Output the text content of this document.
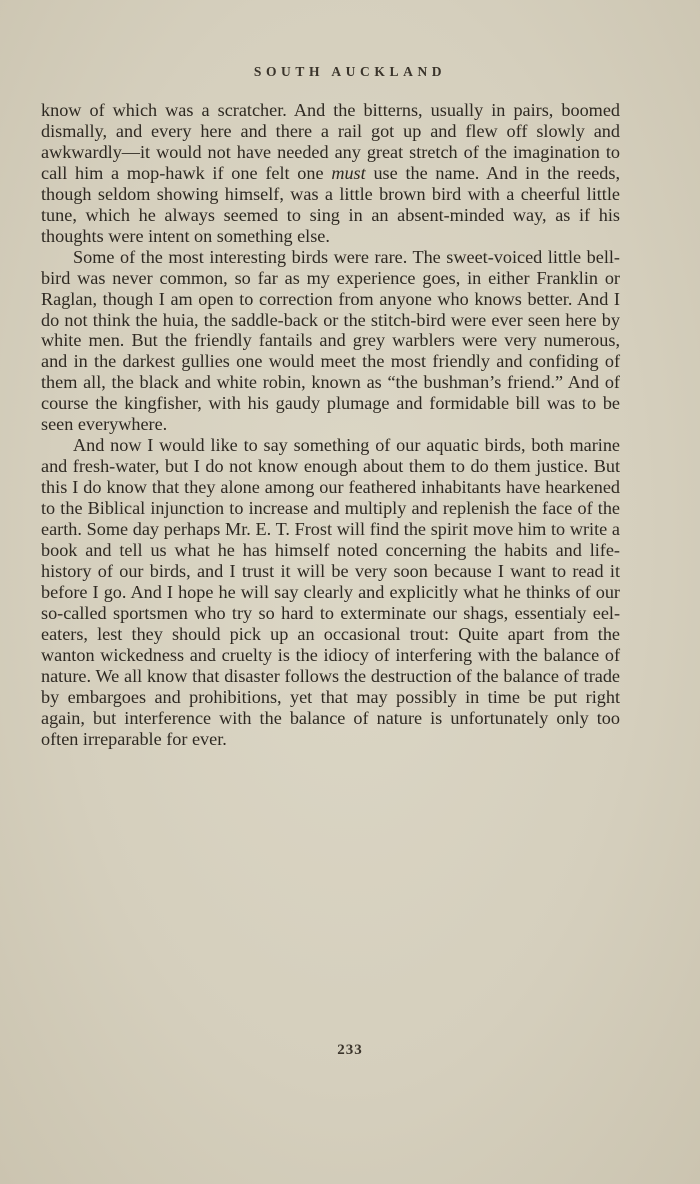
SOUTH AUCKLAND

know of which was a scratcher. And the bitterns, usually in pairs, boomed dismally, and every here and there a rail got up and flew off slowly and awkwardly—it would not have needed any great stretch of the imagination to call him a mop-hawk if one felt one must use the name. And in the reeds, though seldom showing himself, was a little brown bird with a cheerful little tune, which he always seemed to sing in an absent-minded way, as if his thoughts were intent on something else.

Some of the most interesting birds were rare. The sweet-voiced little bell-bird was never common, so far as my experience goes, in either Franklin or Raglan, though I am open to correction from anyone who knows better. And I do not think the huia, the saddle-back or the stitch-bird were ever seen here by white men. But the friendly fantails and grey warblers were very numerous, and in the darkest gullies one would meet the most friendly and confiding of them all, the black and white robin, known as “the bushman’s friend.” And of course the kingfisher, with his gaudy plumage and formidable bill was to be seen everywhere.

And now I would like to say something of our aquatic birds, both marine and fresh-water, but I do not know enough about them to do them justice. But this I do know that they alone among our feathered inhabitants have hearkened to the Biblical injunction to increase and multiply and replenish the face of the earth. Some day perhaps Mr. E. T. Frost will find the spirit move him to write a book and tell us what he has himself noted concerning the habits and life-history of our birds, and I trust it will be very soon because I want to read it before I go. And I hope he will say clearly and explicitly what he thinks of our so-called sportsmen who try so hard to exterminate our shags, essentialy eel-eaters, lest they should pick up an occasional trout: Quite apart from the wanton wickedness and cruelty is the idiocy of interfering with the balance of nature. We all know that disaster follows the destruction of the balance of trade by embargoes and prohibitions, yet that may possibly in time be put right again, but interference with the balance of nature is unfortunately only too often irreparable for ever.

233
